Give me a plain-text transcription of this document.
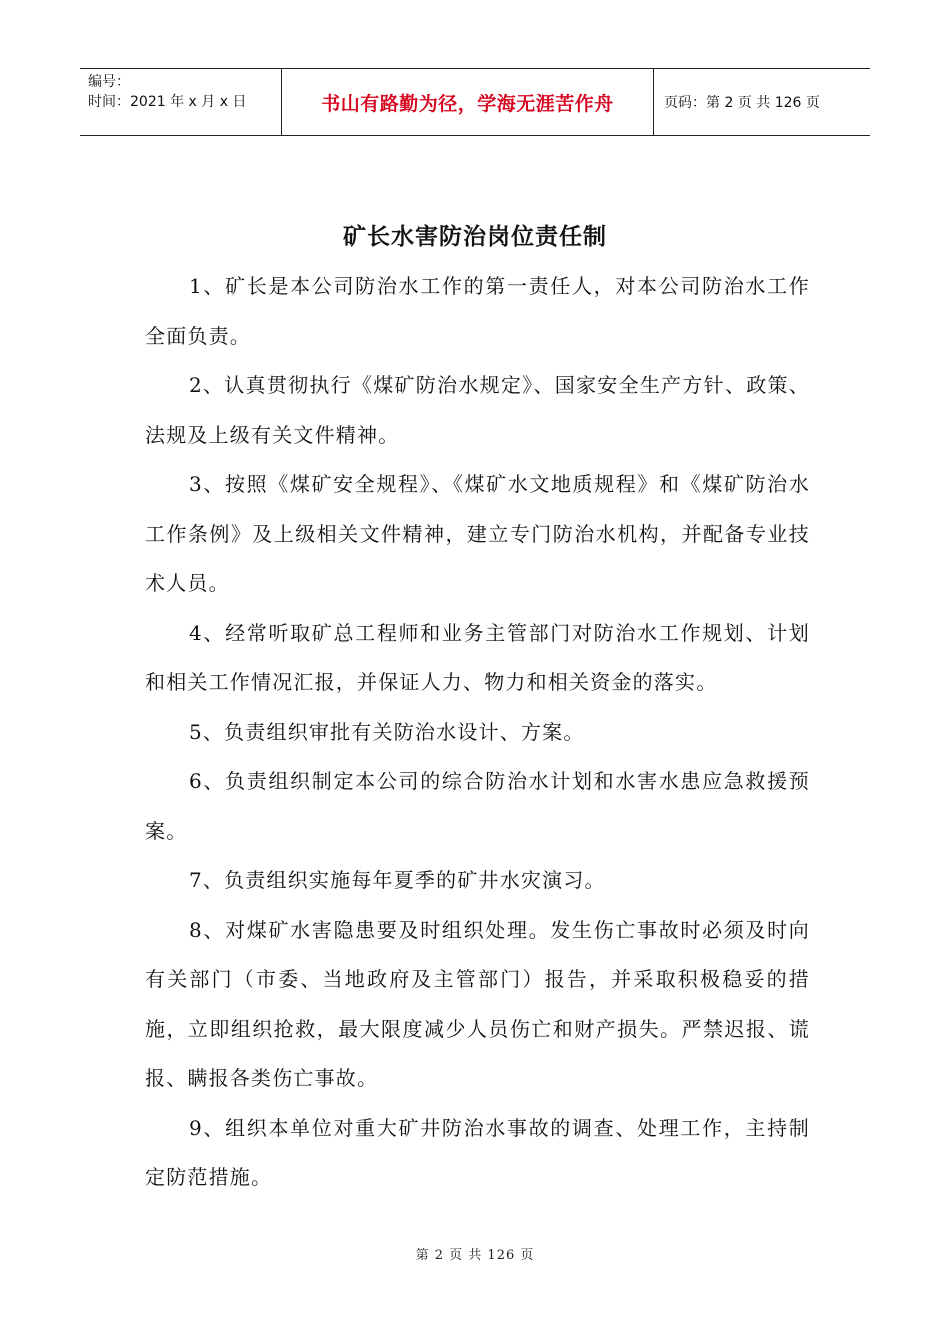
编号：
时间：2021 年 x 月 x 日	书山有路勤为径，学海无涯苦作舟	页码：第 2 页 共 126 页
矿长水害防治岗位责任制

1、矿长是本公司防治水工作的第一责任人，对本公司防治水工作全面负责。

2、认真贯彻执行《煤矿防治水规定》、国家安全生产方针、政策、法规及上级有关文件精神。

3、按照《煤矿安全规程》、《煤矿水文地质规程》和《煤矿防治水工作条例》及上级相关文件精神，建立专门防治水机构，并配备专业技术人员。

4、经常听取矿总工程师和业务主管部门对防治水工作规划、计划和相关工作情况汇报，并保证人力、物力和相关资金的落实。

5、负责组织审批有关防治水设计、方案。

6、负责组织制定本公司的综合防治水计划和水害水患应急救援预案。

7、负责组织实施每年夏季的矿井水灾演习。

8、对煤矿水害隐患要及时组织处理。发生伤亡事故时必须及时向有关部门（市委、当地政府及主管部门）报告，并采取积极稳妥的措施，立即组织抢救，最大限度减少人员伤亡和财产损失。严禁迟报、谎报、瞒报各类伤亡事故。

9、组织本单位对重大矿井防治水事故的调查、处理工作，主持制定防范措施。

第 2 页 共 126 页
